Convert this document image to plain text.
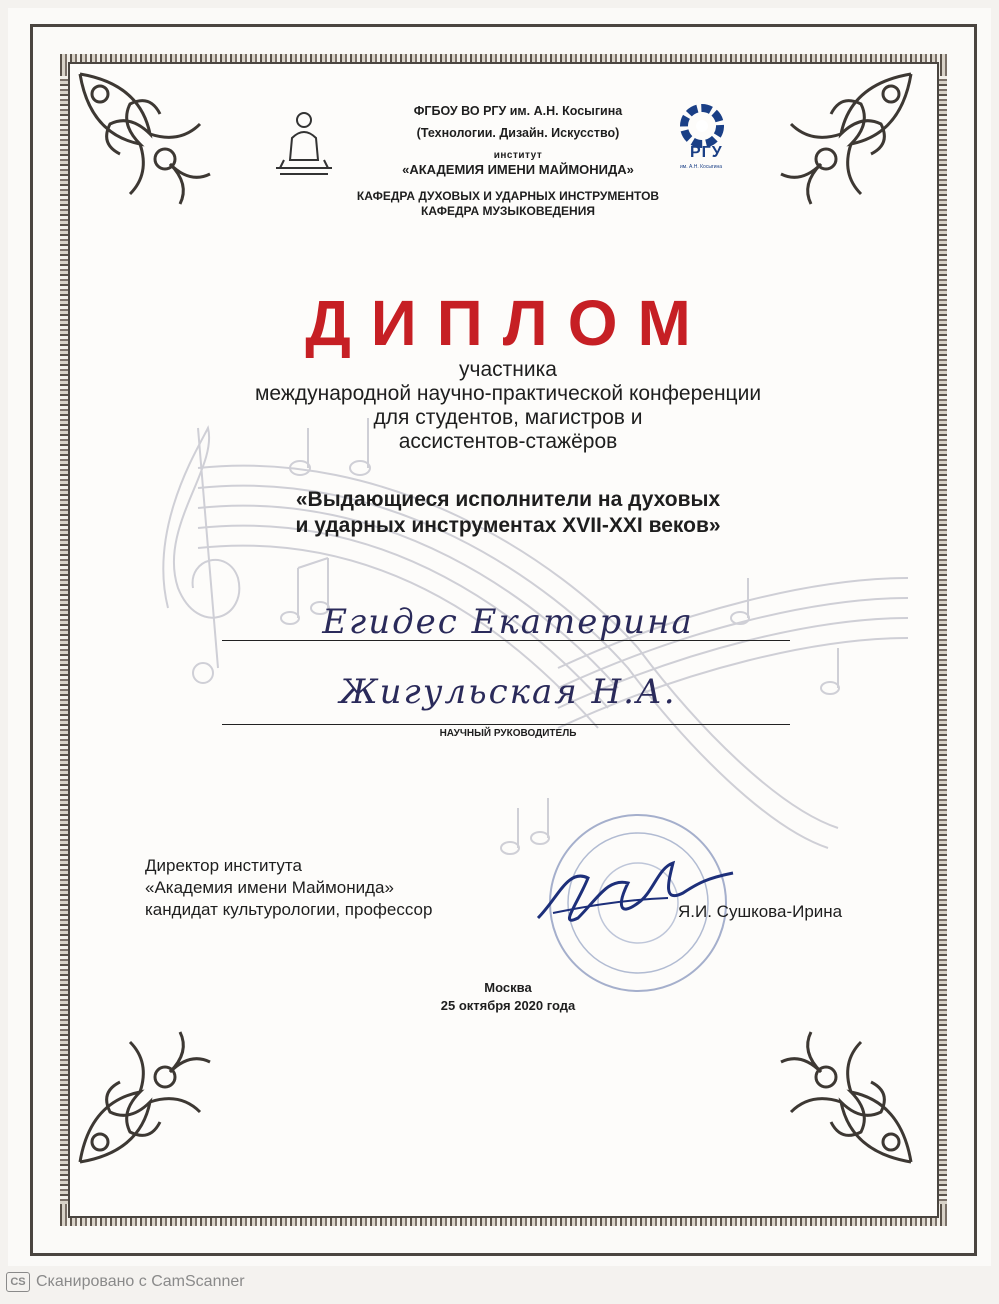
РГУ
им. А.Н. Косыгина
ФГБОУ ВО РГУ им. А.Н. Косыгина
(Технологии. Дизайн. Искусство)
институт
«АКАДЕМИЯ ИМЕНИ МАЙМОНИДА»
КАФЕДРА ДУХОВЫХ И УДАРНЫХ ИНСТРУМЕНТОВ
КАФЕДРА МУЗЫКОВЕДЕНИЯ
ДИПЛОМ
участника
международной научно-практической конференции
для студентов, магистров и
ассистентов-стажёров
«Выдающиеся исполнители на духовых
и ударных инструментах XVII-XXI веков»
Егидес Екатерина
Жигульская Н.А.
НАУЧНЫЙ РУКОВОДИТЕЛЬ
Директор института
«Академия имени Маймонида»
кандидат культурологии, профессор	Я.И. Сушкова-Ирина
Москва
25 октября 2020 года
CS Сканировано с CamScanner
